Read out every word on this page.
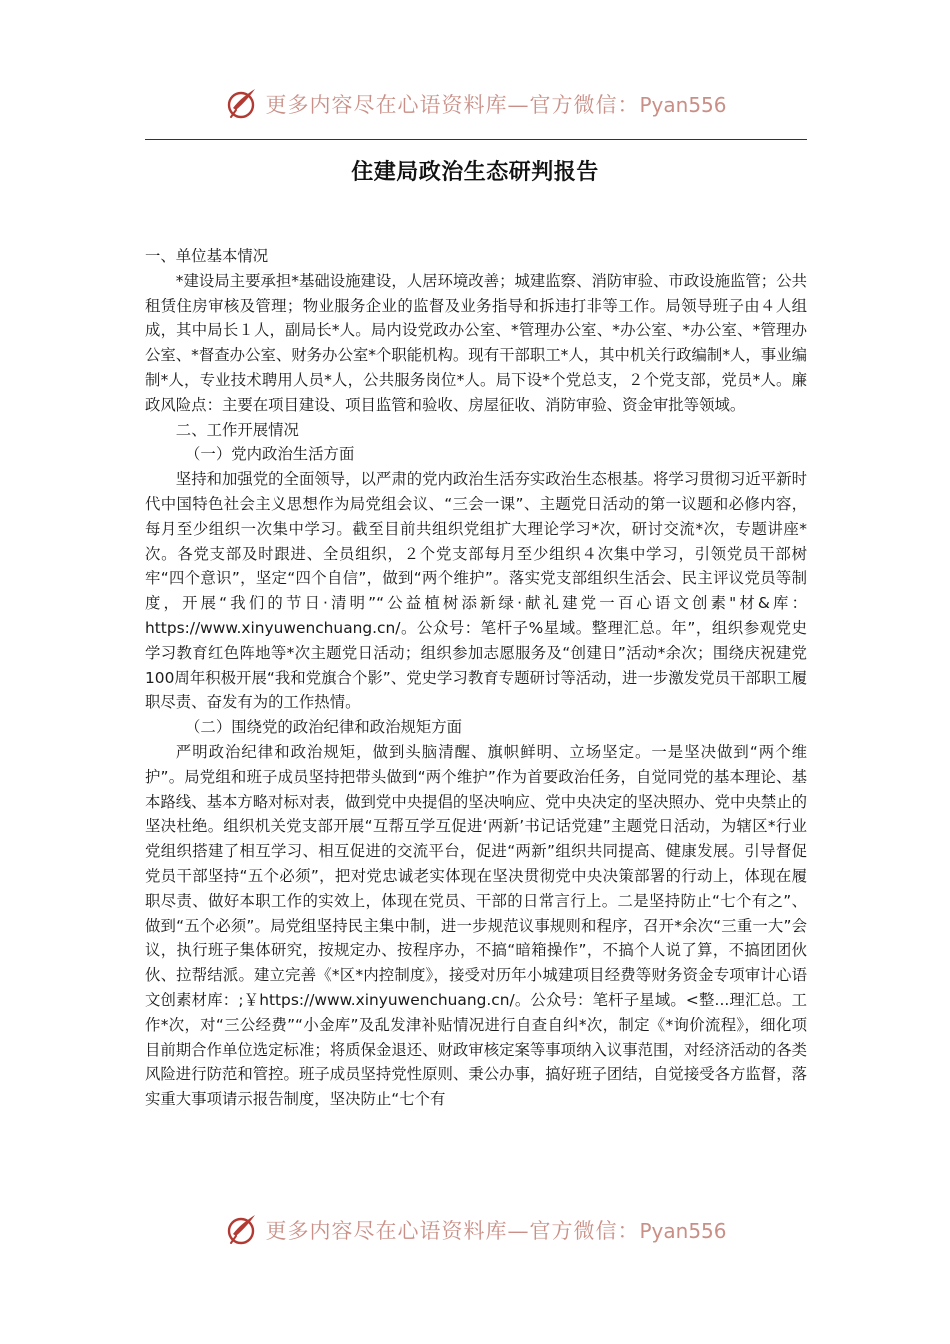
更多内容尽在心语资料库—官方微信：Pyan556
住建局政治生态研判报告

一、单位基本情况

*建设局主要承担*基础设施建设，人居环境改善；城建监察、消防审验、市政设施监管；公共租赁住房审核及管理；物业服务企业的监督及业务指导和拆违打非等工作。局领导班子由４人组成，其中局长１人，副局长*人。局内设党政办公室、*管理办公室、*办公室、*办公室、*管理办公室、*督查办公室、财务办公室*个职能机构。现有干部职工*人，其中机关行政编制*人，事业编制*人，专业技术聘用人员*人，公共服务岗位*人。局下设*个党总支，２个党支部，党员*人。廉政风险点：主要在项目建设、项目监管和验收、房屋征收、消防审验、资金审批等领域。

二、工作开展情况

（一）党内政治生活方面

坚持和加强党的全面领导，以严肃的党内政治生活夯实政治生态根基。将学习贯彻习近平新时代中国特色社会主义思想作为局党组会议、“三会一课”、主题党日活动的第一议题和必修内容，每月至少组织一次集中学习。截至目前共组织党组扩大理论学习*次，研讨交流*次，专题讲座*次。各党支部及时跟进、全员组织，２个党支部每月至少组织４次集中学习，引领党员干部树牢“四个意识”，坚定“四个自信”，做到“两个维护”。落实党支部组织生活会、民主评议党员等制度，开展“我们的节日·清明”“公益植树添新绿·献礼建党一百心语文创素"材&库：https://www.xinyuwenchuang.cn/。公众号：笔杆子%星域。整理汇总。年”，组织参观党史学习教育红色阵地等*次主题党日活动；组织参加志愿服务及“创建日”活动*余次；围绕庆祝建党100周年积极开展“我和党旗合个影”、党史学习教育专题研讨等活动，进一步激发党员干部职工履职尽责、奋发有为的工作热情。

（二）围绕党的政治纪律和政治规矩方面

严明政治纪律和政治规矩，做到头脑清醒、旗帜鲜明、立场坚定。一是坚决做到“两个维护”。局党组和班子成员坚持把带头做到“两个维护”作为首要政治任务，自觉同党的基本理论、基本路线、基本方略对标对表，做到党中央提倡的坚决响应、党中央决定的坚决照办、党中央禁止的坚决杜绝。组织机关党支部开展“互帮互学互促进‘两新’书记话党建”主题党日活动，为辖区*行业党组织搭建了相互学习、相互促进的交流平台，促进“两新”组织共同提高、健康发展。引导督促党员干部坚持“五个必须”，把对党忠诚老实体现在坚决贯彻党中央决策部署的行动上，体现在履职尽责、做好本职工作的实效上，体现在党员、干部的日常言行上。二是坚持防止“七个有之”、做到“五个必须”。局党组坚持民主集中制，进一步规范议事规则和程序，召开*余次“三重一大”会议，执行班子集体研究，按规定办、按程序办，不搞“暗箱操作”，不搞个人说了算，不搞团团伙伙、拉帮结派。建立完善《*区*内控制度》，接受对历年小城建项目经费等财务资金专项审计心语文创素材库：;￥https://www.xinyuwenchuang.cn/。公众号：笔杆子星域。<整...理汇总。工作*次，对“三公经费”“小金库”及乱发津补贴情况进行自查自纠*次，制定《*询价流程》，细化项目前期合作单位选定标准；将质保金退还、财政审核定案等事项纳入议事范围，对经济活动的各类风险进行防范和管控。班子成员坚持党性原则、秉公办事，搞好班子团结，自觉接受各方监督，落实重大事项请示报告制度，坚决防止“七个有

更多内容尽在心语资料库—官方微信：Pyan556
